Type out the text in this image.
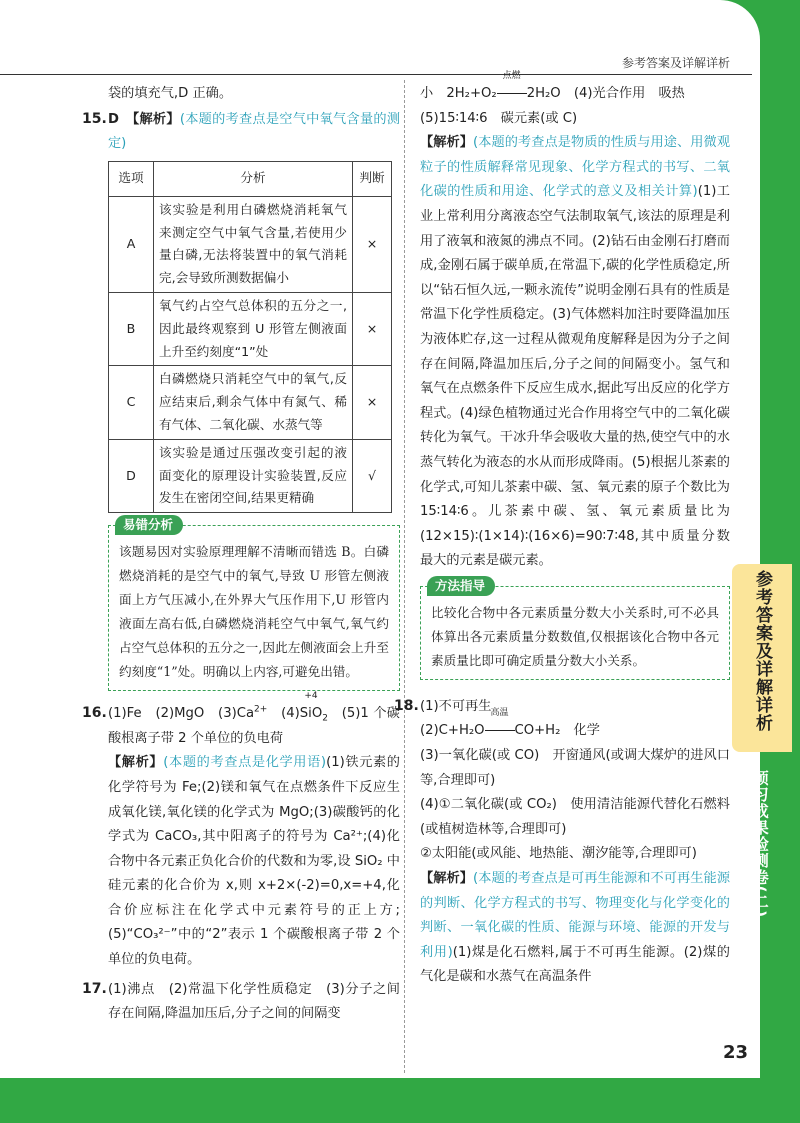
参考答案及详解详析

袋的填充气,D 正确。

15.D　 【解析】(本题的考查点是空气中氧气含量的测定)

选项	分析	判断
A	该实验是利用白磷燃烧消耗氧气来测定空气中氧气含量,若使用少量白磷,无法将装置中的氧气消耗完,会导致所测数据偏小	×
B	氧气约占空气总体积的五分之一,因此最终观察到 U 形管左侧液面上升至约刻度“1”处	×
C	白磷燃烧只消耗空气中的氧气,反应结束后,剩余气体中有氮气、稀有气体、二氧化碳、水蒸气等	×
D	该实验是通过压强改变引起的液面变化的原理设计实验装置,反应发生在密闭空间,结果更精确	√
易错分析

该题易因对实验原理理解不清晰而错选 B。白磷燃烧消耗的是空气中的氧气,导致 U 形管左侧液面上方气压减小,在外界大气压作用下,U 形管内液面左高右低,白磷燃烧消耗空气中氧气,氧气约占空气总体积的五分之一,因此左侧液面会上升至约刻度“1”处。明确以上内容,可避免出错。

16.(1)Fe　(2)MgO　$(3)Ca^{2+}$　(4)
+4
SiO$_2$　(5)1 个碳酸根离子带 2 个单位的负电荷

【解析】(本题的考查点是化学用语)(1)铁元素的化学符号为 Fe;(2)镁和氧气在点燃条件下反应生成氧化镁,氧化镁的化学式为 MgO;(3)碳酸钙的化学式为 CaCO₃,其中阳离子的符号为 Ca²⁺;(4)化合物中各元素正负化合价的代数和为零,设 SiO₂ 中硅元素的化合价为 x,则 x+2×(-2)=0,x=+4,化合价应标注在化学式中元素符号的正上方;(5)“CO₃²⁻”中的“2”表示 1 个碳酸根离子带 2 个单位的负电荷。

17.(1)沸点　(2)常温下化学性质稳定　(3)分子之间存在间隔,降温加压后,分子之间的间隔变

小　2H₂+O₂
点燃
2H₂O　(4)光合作用　吸热

(5)15∶14∶6　碳元素(或 C)

【解析】(本题的考查点是物质的性质与用途、用微观粒子的性质解释常见现象、化学方程式的书写、二氧化碳的性质和用途、化学式的意义及相关计算)(1)工业上常利用分离液态空气法制取氧气,该法的原理是利用了液氧和液氮的沸点不同。(2)钻石由金刚石打磨而成,金刚石属于碳单质,在常温下,碳的化学性质稳定,所以“钻石恒久远,一颗永流传”说明金刚石具有的性质是常温下化学性质稳定。(3)气体燃料加注时要降温加压为液体贮存,这一过程从微观角度解释是因为分子之间存在间隔,降温加压后,分子之间的间隔变小。氢气和氧气在点燃条件下反应生成水,据此写出反应的化学方程式。(4)绿色植物通过光合作用将空气中的二氧化碳转化为氧气。干冰升华会吸收大量的热,使空气中的水蒸气转化为液态的水从而形成降雨。(5)根据儿茶素的化学式,可知儿茶素中碳、氢、氧元素的原子个数比为 15∶14∶6。儿茶素中碳、氢、氧元素质量比为(12×15)∶(1×14)∶(16×6)=90∶7∶48,其中质量分数最大的元素是碳元素。

方法指导

比较化合物中各元素质量分数大小关系时,可不必具体算出各元素质量分数数值,仅根据该化合物中各元素质量比即可确定质量分数大小关系。

18.(1)不可再生

(2)C+H₂O
高温
CO+H₂　化学

(3)一氧化碳(或 CO)　开窗通风(或调大煤炉的进风口等,合理即可)

(4)①二氧化碳(或 CO₂)　使用清洁能源代替化石燃料(或植树造林等,合理即可)

②太阳能(或风能、地热能、潮汐能等,合理即可)

【解析】(本题的考查点是可再生能源和不可再生能源的判断、化学方程式的书写、物理变化与化学变化的判断、一氧化碳的性质、能源与环境、能源的开发与利用)(1)煤是化石燃料,属于不可再生能源。(2)煤的气化是碳和水蒸气在高温条件

参考答案及详解详析
预习成果检测卷(二)
23
